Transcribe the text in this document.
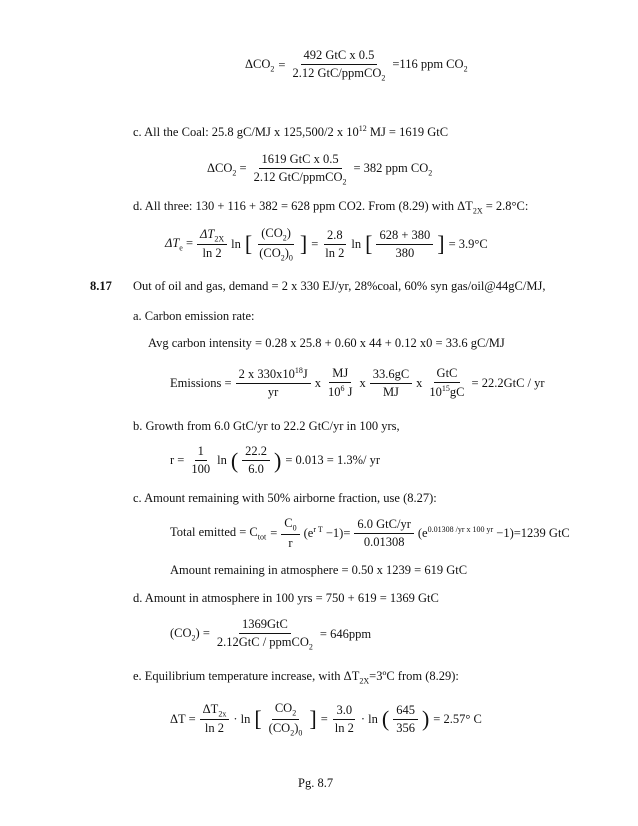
$\Delta CO_2 = \frac{\text{492 GtC x 0.5}}{2.12 GtC/ppmCO_2} =116$ ppm $CO_2$
c. All the Coal: 25.8 gC/MJ x 125,500/2 x $10^{12}$ MJ = 1619 GtC
$\Delta CO_2 = \frac{\text{1619 GtC x 0.5}}{2.12 GtC/ppmCO_2} = 382$ ppm $CO_2$
d. All three: 130 + 116 + 382 = 628 ppm CO2. From (8.29) with $\Delta T_{2X} = 2.8^\circ C$:
$\Delta T_e = \frac{\Delta T_{2X}}{\ln 2}$ ln [ $\frac{(CO_2)}{(CO_2)_0}$ ] = $\frac{2.8}{\ln 2}$ ln [ $\frac{628 + 380}{380}$ ] = 3.9°C
8.17 Out of oil and gas, demand = 2 x 330 EJ/yr, 28%coal, 60% syn gas/oil@44gC/MJ,
a. Carbon emission rate:
Avg carbon intensity = 0.28 x 25.8 + 0.60 x 44 + 0.12 x0 = 33.6 gC/MJ
Emissions = $\frac{2 x 330x10^{18}J}{yr}$ x $\frac{MJ}{10^6 J}$ x $\frac{33.6gC}{MJ}$ x $\frac{\text{GtC}}{10^{15}gC} = 22.2GtC$ / yr
b. Growth from 6.0 GtC/yr to 22.2 GtC/yr in 100 yrs,
$r = \frac{1}{100}$ ln ( $\frac{22.2}{6.0}$ ) = 0.013 = 1.3%/ yr
c. Amount remaining with 50% airborne fraction, use (8.27):
Total emitted = $C_{tot} = \frac{C_0}{r} (e^{r T} -1)= \frac{\text{6.0 GtC/yr}}{0.01308} (e^{0.01308 /yr x 100 yr} -1)=1239$ GtC
Amount remaining in atmosphere = 0.50 x 1239 = 619 GtC
d. Amount in atmosphere in 100 yrs = 750 + 619 = 1369 GtC
$(CO_2) = \frac{\text{1369GtC}}{2.12GtC / ppmCO_2} = 646ppm$
e. Equilibrium temperature increase, with $\Delta T_{2X}=3ºC$ from (8.29):
$\Delta T = \frac{\Delta T_{2x}}{\ln 2} \cdot \ln$ [ $\frac{CO_2}{(CO_2)_0}$ ] = $\frac{3.0}{\ln 2} \cdot \ln$ ( $\frac{645}{356}$ ) = 2.57° C
Pg. 8.7
